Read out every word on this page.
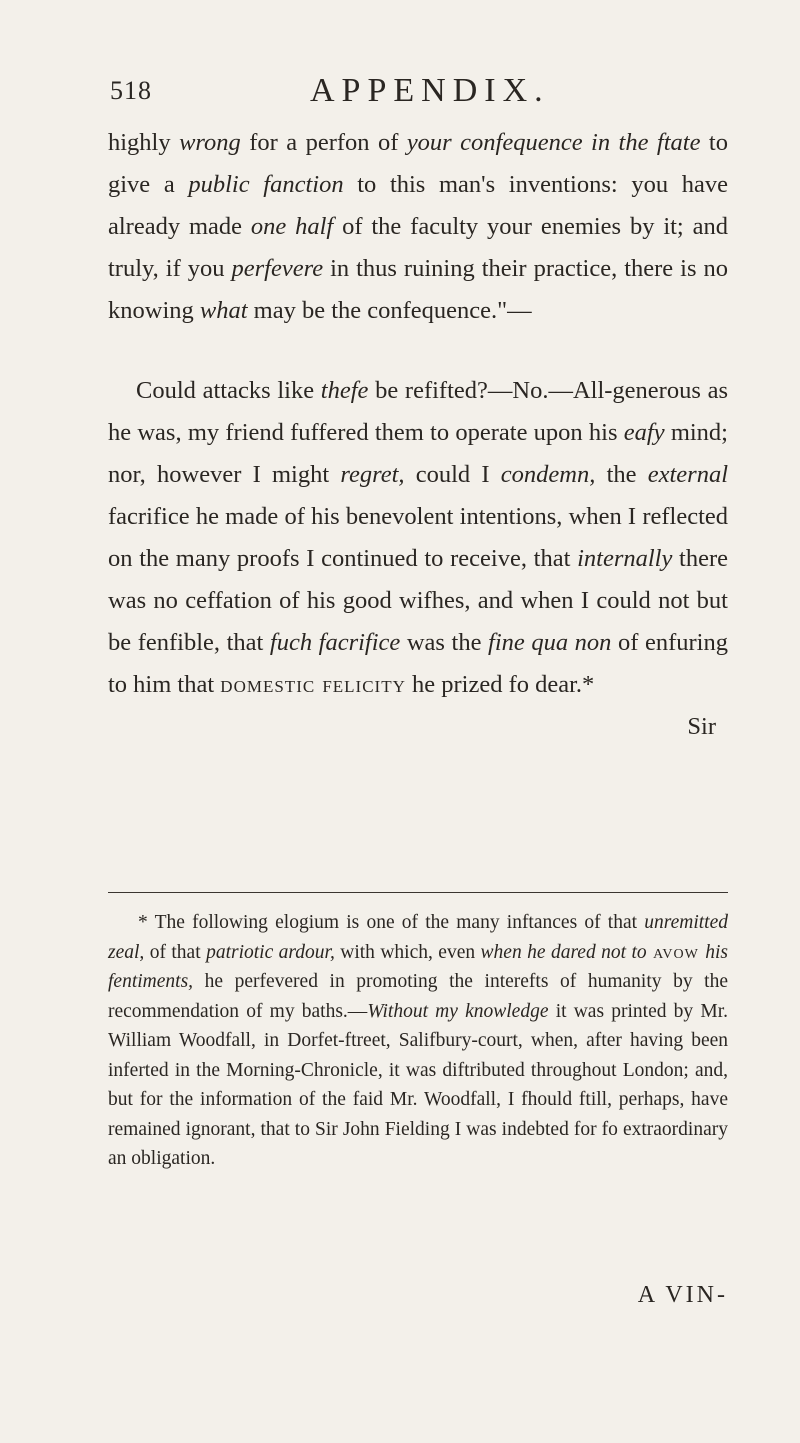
518	APPENDIX.

highly wrong for a perfon of your confequence in the ftate to give a public fanction to this man's inventions: you have already made one half of the faculty your enemies by it; and truly, if you perfevere in thus ruining their practice, there is no knowing what may be the confequence."—

Could attacks like thefe be refifted?—No.—All-generous as he was, my friend fuffered them to operate upon his eafy mind; nor, however I might regret, could I condemn, the external facrifice he made of his benevolent intentions, when I reflected on the many proofs I continued to receive, that internally there was no ceffation of his good wifhes, and when I could not but be fenfible, that fuch facrifice was the fine qua non of enfuring to him that domestic felicity he prized fo dear.*

Sir

* The following elogium is one of the many inftances of that unremitted zeal, of that patriotic ardour, with which, even when he dared not to avow his fentiments, he perfevered in promoting the interefts of humanity by the recommendation of my baths.—Without my knowledge it was printed by Mr. William Woodfall, in Dorfet-ftreet, Salifbury-court, when, after having been inferted in the Morning-Chronicle, it was diftributed throughout London; and, but for the information of the faid Mr. Woodfall, I fhould ftill, perhaps, have remained ignorant, that to Sir John Fielding I was indebted for fo extraordinary an obligation.

A VIN-
